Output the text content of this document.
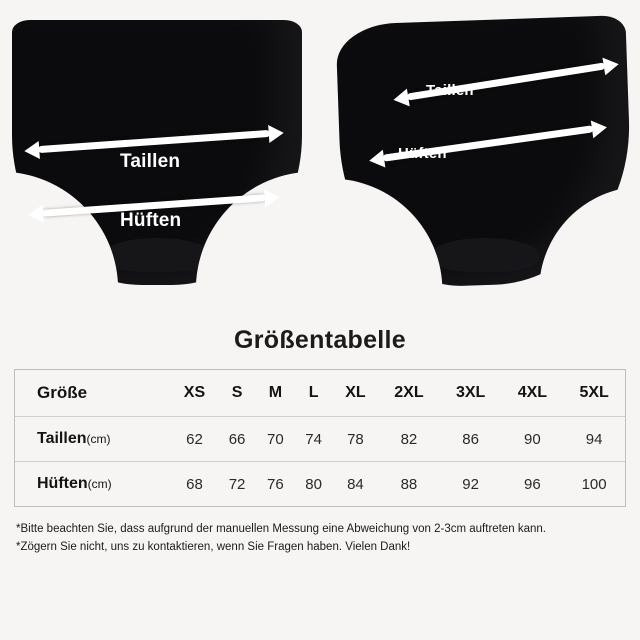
Taillen
Hüften
Taillen
Hüften
Größentabelle
Größe	XS	S	M	L	XL	2XL	3XL	4XL	5XL
Taillen(cm)	62	66	70	74	78	82	86	90	94
Hüften(cm)	68	72	76	80	84	88	92	96	100
*Bitte beachten Sie, dass aufgrund der manuellen Messung eine Abweichung von 2-3cm auftreten kann.
*Zögern Sie nicht, uns zu kontaktieren, wenn Sie Fragen haben. Vielen Dank!
